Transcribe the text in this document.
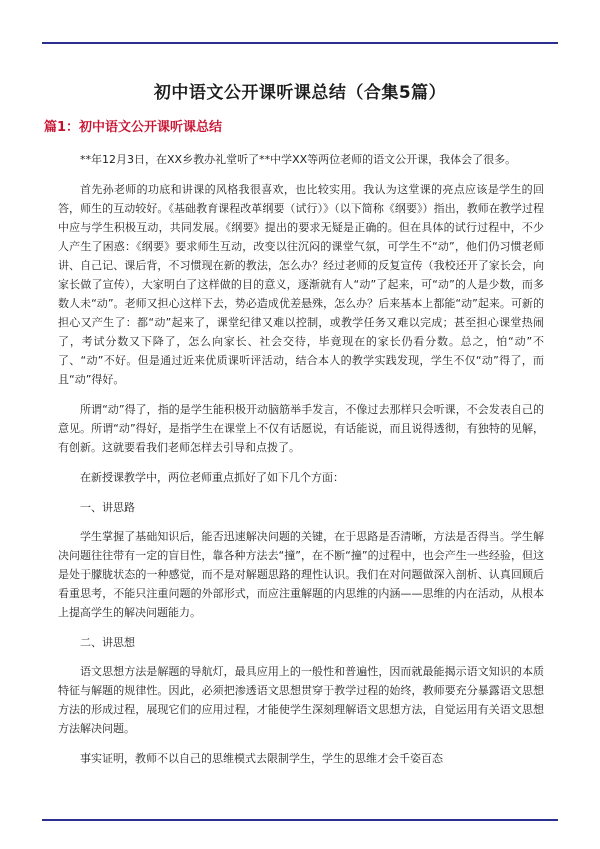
初中语文公开课听课总结（合集5篇）
篇1：初中语文公开课听课总结

**年12月3日，在XX乡教办礼堂听了**中学XX等两位老师的语文公开课，我体会了很多。

首先孙老师的功底和讲课的风格我很喜欢，也比较实用。我认为这堂课的亮点应该是学生的回答，师生的互动较好。《基础教育课程改革纲要（试行）》（以下简称《纲要》）指出，教师在教学过程中应与学生积极互动，共同发展。《纲要》提出的要求无疑是正确的。但在具体的试行过程中，不少人产生了困惑：《纲要》要求师生互动，改变以往沉闷的课堂气氛，可学生不“动”，他们仍习惯老师讲、自己记、课后背，不习惯现在新的教法，怎么办？经过老师的反复宣传（我校还开了家长会，向家长做了宣传），大家明白了这样做的目的意义，逐渐就有人“动”了起来，可“动”的人是少数，而多数人未“动”。老师又担心这样下去，势必造成优差悬殊，怎么办？后来基本上都能“动”起来。可新的担心又产生了：都“动”起来了，课堂纪律又难以控制，或教学任务又难以完成；甚至担心课堂热闹了，考试分数又下降了，怎么向家长、社会交待，毕竟现在的家长仍看分数。总之，怕“动”不了、“动”不好。但是通过近来优质课听评活动，结合本人的教学实践发现，学生不仅“动”得了，而且“动”得好。

所谓“动”得了，指的是学生能积极开动脑筋举手发言，不像过去那样只会听课，不会发表自己的意见。所谓“动”得好，是指学生在课堂上不仅有话愿说，有话能说，而且说得透彻，有独特的见解，有创新。这就要看我们老师怎样去引导和点拨了。

在新授课教学中，两位老师重点抓好了如下几个方面：

一、讲思路

学生掌握了基础知识后，能否迅速解决问题的关键，在于思路是否清晰，方法是否得当。学生解决问题往往带有一定的盲目性，靠各种方法去“撞”，在不断“撞”的过程中，也会产生一些经验，但这是处于朦胧状态的一种感觉，而不是对解题思路的理性认识。我们在对问题做深入剖析、认真回顾后看重思考，不能只注重问题的外部形式，而应注重解题的内思维的内涵——思维的内在活动，从根本上提高学生的解决问题能力。

二、讲思想

语文思想方法是解题的导航灯，最具应用上的一般性和普遍性，因而就最能揭示语文知识的本质特征与解题的规律性。因此，必须把渗透语文思想贯穿于教学过程的始终，教师要充分暴露语文思想方法的形成过程，展现它们的应用过程，才能使学生深刻理解语文思想方法，自觉运用有关语文思想方法解决问题。

事实证明，教师不以自己的思维模式去限制学生，学生的思维才会千姿百态
